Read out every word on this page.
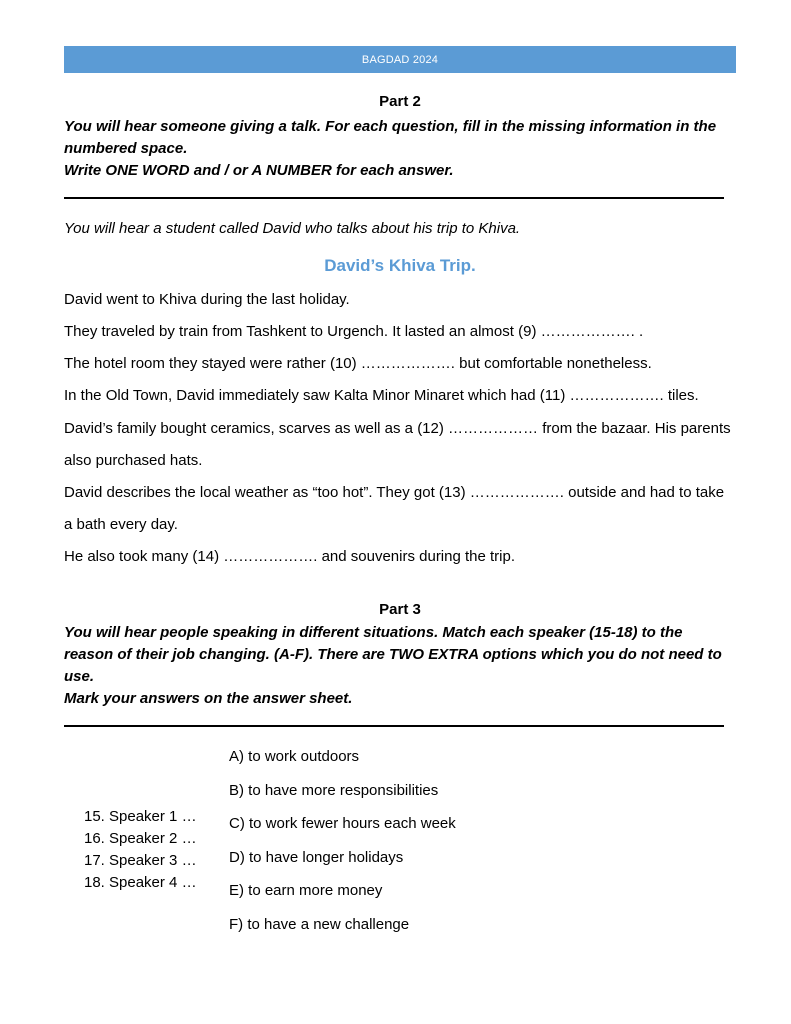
BAGDAD 2024
Part 2
You will hear someone giving a talk. For each question, fill in the missing information in the
numbered space.
Write ONE WORD and / or A NUMBER for each answer.
You will hear a student called David who talks about his trip to Khiva.
David’s Khiva Trip.
David went to Khiva during the last holiday.
They traveled by train from Tashkent to Urgench. It lasted an almost (9) ………………. .
The hotel room they stayed were rather (10) ………………. but comfortable nonetheless.
In the Old Town, David immediately saw Kalta Minor Minaret which had (11) ………………. tiles.
David’s family bought ceramics, scarves as well as a (12) ……………… from the bazaar. His parents
also purchased hats.
David describes the local weather as “too hot”. They got (13) ………………. outside and had to take
a bath every day.
He also took many (14) ………………. and souvenirs during the trip.
Part 3
You will hear people speaking in different situations. Match each speaker (15-18) to the
reason of their job changing. (A-F). There are TWO EXTRA options which you do not need to
use.
Mark your answers on the answer sheet.
15. Speaker 1 …
16. Speaker 2 …
17. Speaker 3 …
18. Speaker 4 …
A) to work outdoors
B) to have more responsibilities
C) to work fewer hours each week
D) to have longer holidays
E) to earn more money
F) to have a new challenge
